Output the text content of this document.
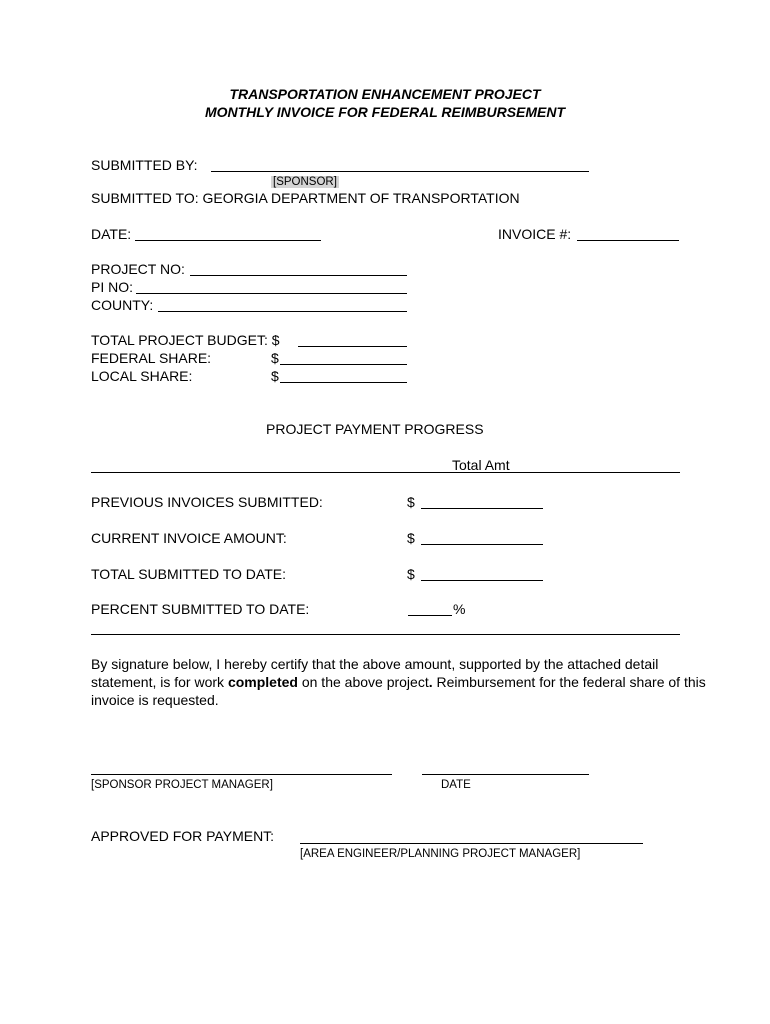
TRANSPORTATION ENHANCEMENT PROJECT
MONTHLY INVOICE FOR FEDERAL REIMBURSEMENT
SUBMITTED BY:
[SPONSOR]
SUBMITTED TO: GEORGIA DEPARTMENT OF TRANSPORTATION
DATE:	INVOICE #:
PROJECT NO:
PI NO:
COUNTY:
TOTAL PROJECT BUDGET: $
FEDERAL SHARE:	$
LOCAL SHARE:	$
PROJECT PAYMENT PROGRESS
Total Amt
PREVIOUS INVOICES SUBMITTED:	$
CURRENT INVOICE AMOUNT:	$
TOTAL SUBMITTED TO DATE:	$
PERCENT SUBMITTED TO DATE:	%
By signature below, I hereby certify that the above amount, supported by the attached detail statement, is for work completed on the above project. Reimbursement for the federal share of this invoice is requested.
[SPONSOR PROJECT MANAGER]	DATE
APPROVED FOR PAYMENT:
[AREA ENGINEER/PLANNING PROJECT MANAGER]
